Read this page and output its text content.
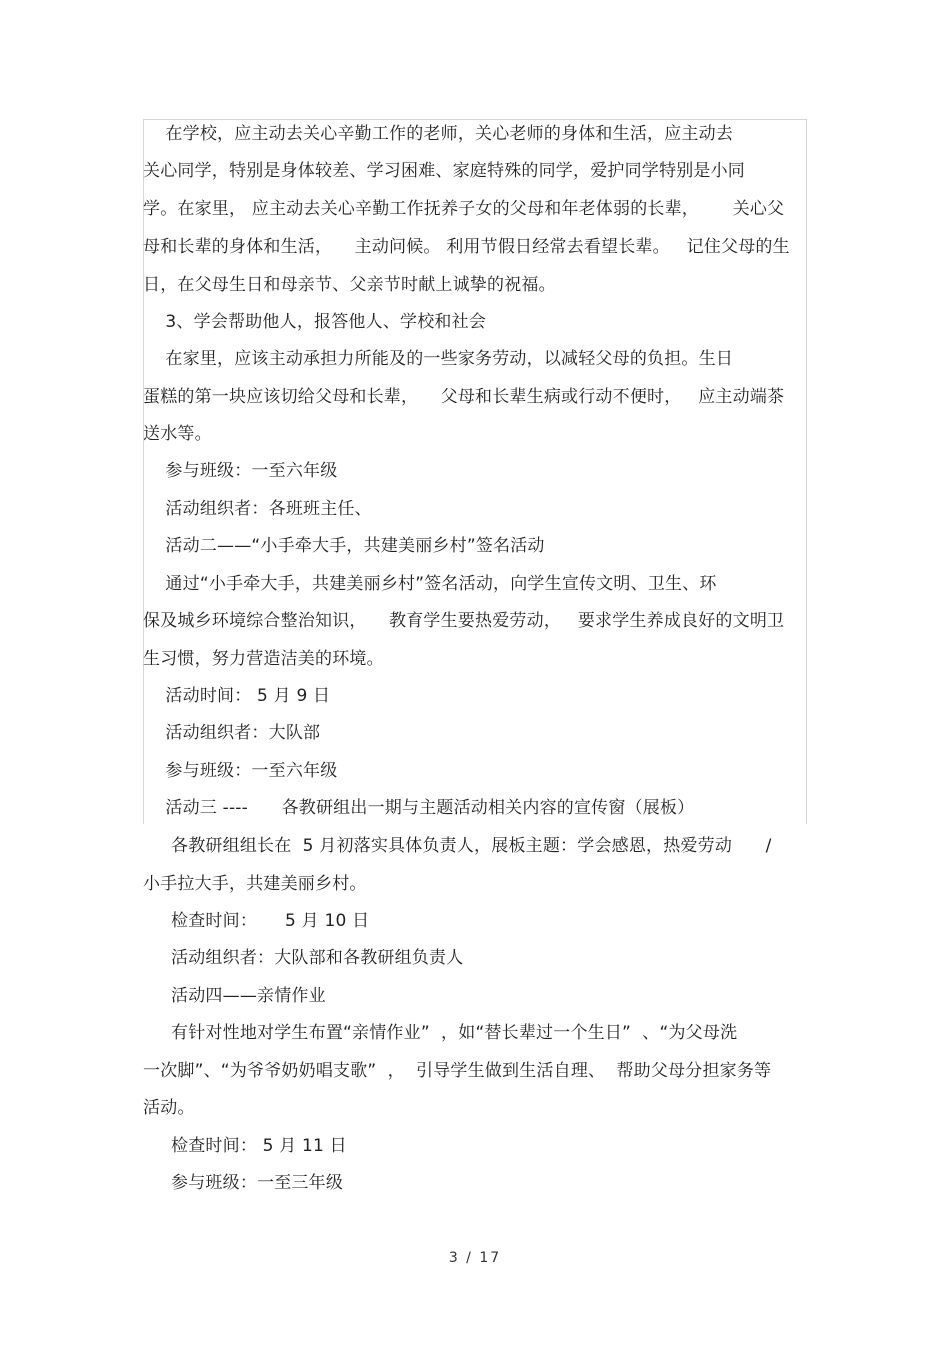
在学校，应主动去关心辛勤工作的老师，关心老师的身体和生活，应主动去
关心同学，特别是身体较差、学习困难、家庭特殊的同学，爱护同学特别是小同
学。在家里， 应主动去关心辛勤工作抚养子女的父母和年老体弱的长辈，      关心父
母和长辈的身体和生活，    主动问候。 利用节假日经常去看望长辈。   记住父母的生
日，在父母生日和母亲节、父亲节时献上诚挚的祝福。
3、学会帮助他人，报答他人、学校和社会
在家里，应该主动承担力所能及的一些家务劳动，以减轻父母的负担。生日
蛋糕的第一块应该切给父母和长辈，    父母和长辈生病或行动不便时，   应主动端茶
送水等。
参与班级：一至六年级
活动组织者：各班班主任、
活动二——“小手牵大手，共建美丽乡村”签名活动
通过“小手牵大手，共建美丽乡村”签名活动，向学生宣传文明、卫生、环
保及城乡环境综合整治知识，    教育学生要热爱劳动，   要求学生养成良好的文明卫
生习惯，努力营造洁美的环境。
活动时间： 5 月 9 日
活动组织者：大队部
参与班级：一至六年级
活动三 ----      各教研组出一期与主题活动相关内容的宣传窗（展板）
各教研组组长在  5 月初落实具体负责人，展板主题：学会感恩，热爱劳动      /
小手拉大手，共建美丽乡村。
检查时间：     5 月 10 日
活动组织者：大队部和各教研组负责人
活动四——亲情作业
有针对性地对学生布置“亲情作业”  ，如“替长辈过一个生日”  、“为父母洗
一次脚”、“为爷爷奶奶唱支歌”  ，  引导学生做到生活自理、  帮助父母分担家务等
活动。
检查时间： 5 月 11 日
参与班级：一至三年级
3 / 17
